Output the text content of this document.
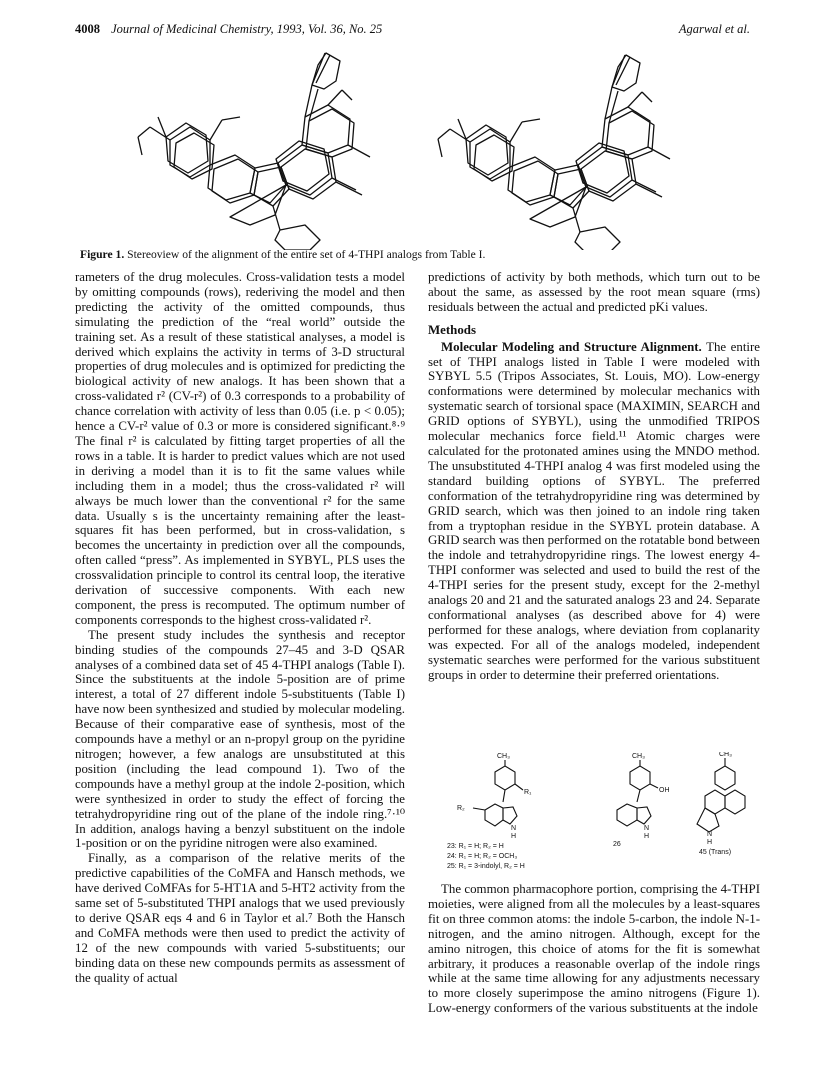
4008 Journal of Medicinal Chemistry, 1993, Vol. 36, No. 25	Agarwal et al.
Figure 1. Stereoview of the alignment of the entire set of 4-THPI analogs from Table I.

rameters of the drug molecules. Cross-validation tests a model by omitting compounds (rows), rederiving the model and then predicting the activity of the omitted compounds, thus simulating the prediction of the “real world” outside the training set. As a result of these statistical analyses, a model is derived which explains the activity in terms of 3-D structural properties of drug molecules and is optimized for predicting the biological activity of new analogs. It has been shown that a cross-validated r² (CV-r²) of 0.3 corresponds to a probability of chance correlation with activity of less than 0.05 (i.e. p < 0.05); hence a CV-r² value of 0.3 or more is considered significant.⁸·⁹ The final r² is calculated by fitting target properties of all the rows in a table. It is harder to predict values which are not used in deriving a model than it is to fit the same values while including them in a model; thus the cross-validated r² will always be much lower than the conventional r² for the same data. Usually s is the uncertainty remaining after the least-squares fit has been performed, but in cross-validation, s becomes the uncertainty in prediction over all the compounds, often called “press”. As implemented in SYBYL, PLS uses the crossvalidation principle to control its central loop, the iterative derivation of successive components. With each new component, the press is recomputed. The optimum number of components corresponds to the highest cross-validated r².

The present study includes the synthesis and receptor binding studies of the compounds 27–45 and 3-D QSAR analyses of a combined data set of 45 4-THPI analogs (Table I). Since the substituents at the indole 5-position are of prime interest, a total of 27 different indole 5-substituents (Table I) have now been synthesized and studied by molecular modeling. Because of their comparative ease of synthesis, most of the compounds have a methyl or an n-propyl group on the pyridine nitrogen; however, a few analogs are unsubstituted at this position (including the lead compound 1). Two of the compounds have a methyl group at the indole 2-position, which were synthesized in order to study the effect of forcing the tetrahydropyridine ring out of the plane of the indole ring.⁷·¹⁰ In addition, analogs having a benzyl substituent on the indole 1-position or on the pyridine nitrogen were also examined.

Finally, as a comparison of the relative merits of the predictive capabilities of the CoMFA and Hansch methods, we have derived CoMFAs for 5-HT1A and 5-HT2 activity from the same set of 5-substituted THPI analogs that we used previously to derive QSAR eqs 4 and 6 in Taylor et al.⁷ Both the Hansch and CoMFA methods were then used to predict the activity of 12 of the new compounds with varied 5-substituents; our binding data on these new compounds permits as assessment of the quality of actual

predictions of activity by both methods, which turn out to be about the same, as assessed by the root mean square (rms) residuals between the actual and predicted pKi values.

Methods

Molecular Modeling and Structure Alignment. The entire set of THPI analogs listed in Table I were modeled with SYBYL 5.5 (Tripos Associates, St. Louis, MO). Low-energy conformations were determined by molecular mechanics with systematic search of torsional space (MAXIMIN, SEARCH and GRID options of SYBYL), using the unmodified TRIPOS molecular mechanics force field.¹¹ Atomic charges were calculated for the protonated amines using the MNDO method. The unsubstituted 4-THPI analog 4 was first modeled using the standard building options of SYBYL. The preferred conformation of the tetrahydropyridine ring was determined by GRID search, which was then joined to an indole ring taken from a tryptophan residue in the SYBYL protein database. A GRID search was then performed on the rotatable bond between the indole and tetrahydropyridine rings. The lowest energy 4-THPI conformer was selected and used to build the rest of the 4-THPI series for the present study, except for the 2-methyl analogs 20 and 21 and the saturated analogs 23 and 24. Separate conformational analyses (as described above for 4) were performed for these analogs, where deviation from coplanarity was expected. For all of the analogs modeled, independent systematic searches were performed for the various substituent groups in order to determine their preferred orientations.

CH₃
R₁
R₂
N
H
23: R₁ = H; R₂ = H
24: R₁ = H; R₂ = OCH₃
25: R₁ = 3-indolyl, R₂ = H
CH₃
OH
N
H
26
CH₃
N
H
45 (Trans)

The common pharmacophore portion, comprising the 4-THPI moieties, were aligned from all the molecules by a least-squares fit on three common atoms: the indole 5-carbon, the indole N-1-nitrogen, and the amino nitrogen. Although, except for the amino nitrogen, this choice of atoms for the fit is somewhat arbitrary, it produces a reasonable overlap of the indole rings while at the same time allowing for any adjustments necessary to more closely superimpose the amino nitrogens (Figure 1). Low-energy conformers of the various substituents at the indole
